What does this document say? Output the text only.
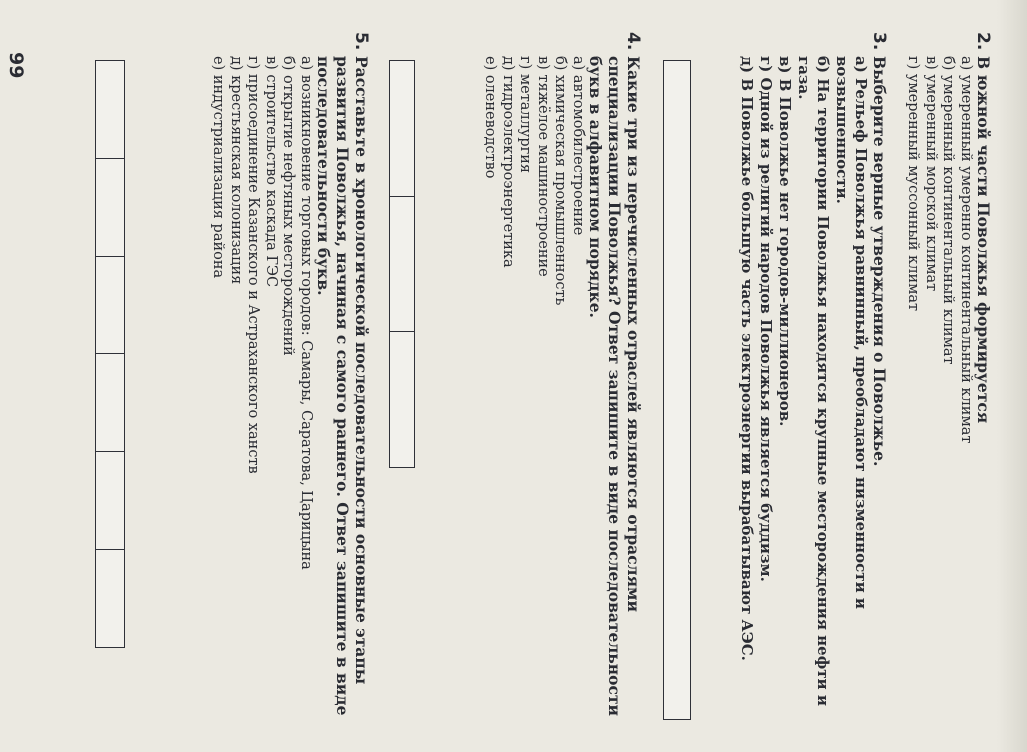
2.
В южной части Поволжья формируется
а) умеренный умеренно континентальный климат
б) умеренный континентальный климат
в) умеренный морской климат
г) умеренный муссонный климат
3.
Выберите верные утверждения о Поволжье.
а) Рельеф Поволжья равнинный, преобладают низменности и возвышенности.
б) На территории Поволжья находятся крупные месторождения нефти и газа.
в) В Поволжье нет городов-миллионеров.
г) Одной из религий народов Поволжья является буддизм.
д) В Поволжье большую часть электроэнергии вырабатывают АЭС.
4.
Какие три из перечисленных отраслей являются отраслями специализации Поволжья? Ответ запишите в виде последовательности букв в алфавитном порядке.
а) автомобилестроение
б) химическая промышленность
в) тяжёлое машиностроение
г) металлургия
д) гидроэлектроэнергетика
е) оленеводство
5.
Расставьте в хронологической последовательности основные этапы развития Поволжья, начиная с самого раннего. Ответ запишите в виде последовательности букв.
а) возникновение торговых городов: Самары, Саратова, Царицына
б) открытие нефтяных месторождений
в) строительство каскада ГЭС
г) присоединение Казанского и Астраханского ханств
д) крестьянская колонизация
е) индустриализация района
99
